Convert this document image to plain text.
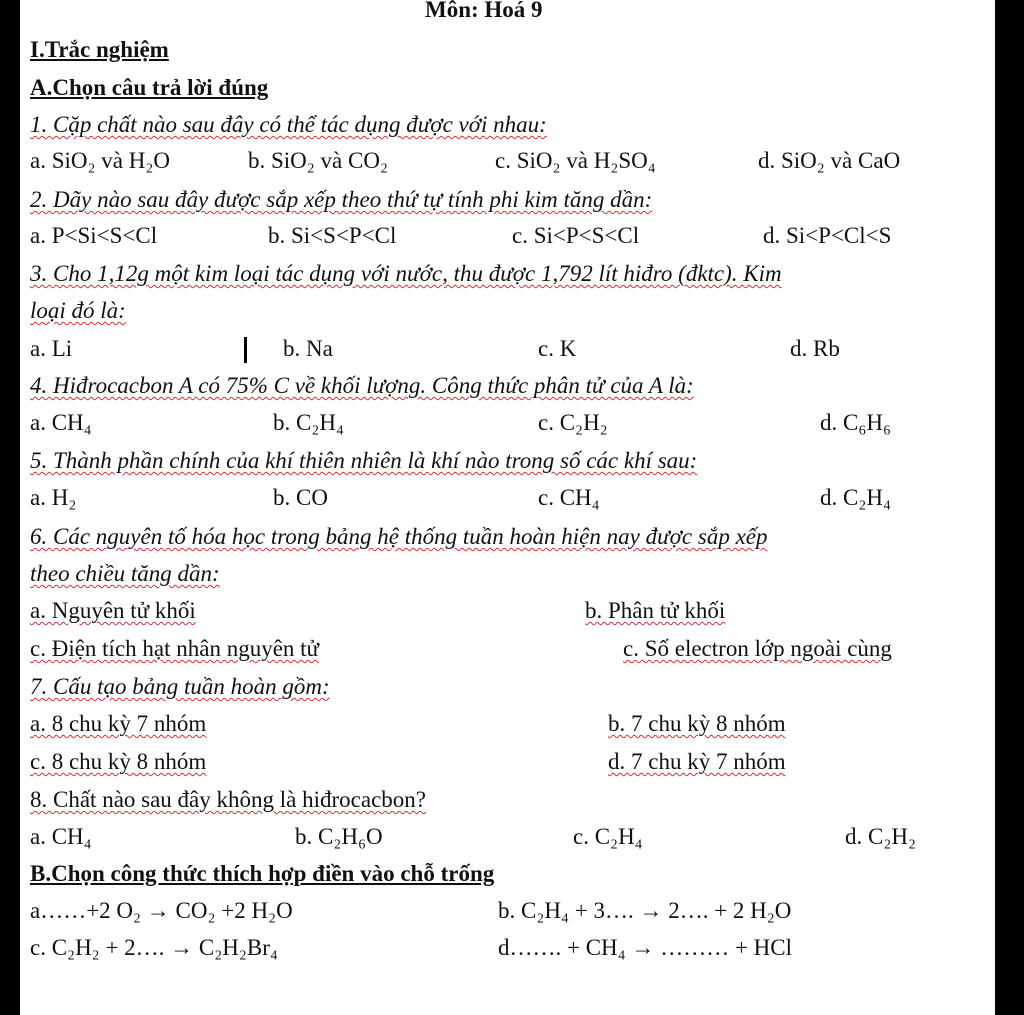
Môn: Hoá 9
I.Trắc nghiệm
A.Chọn câu trả lời đúng
1. Cặp chất nào sau đây có thể tác dụng được với nhau:
a. SiO₂ và H₂O	b. SiO₂ và CO₂	c. SiO₂ và H₂SO₄	d. SiO₂ và CaO
2. Dãy nào sau đây được sắp xếp theo thứ tự tính phi kim tăng dần:
a. P<Si<S<Cl	b. Si<S<P<Cl	c. Si<P<S<Cl	d. Si<P<Cl<S
3. Cho 1,12g một kim loại tác dụng với nước, thu được 1,792 lít hiđro (đktc). Kim
loại đó là:
a. Li	b. Na	c. K	d. Rb
4. Hiđrocacbon A có 75% C về khối lượng. Công thức phân tử của A là:
a. CH₄	b. C₂H₄	c. C₂H₂	d. C₆H₆
5. Thành phần chính của khí thiên nhiên là khí nào trong số các khí sau:
a. H₂	b. CO	c. CH₄	d. C₂H₄
6. Các nguyên tố hóa học trong bảng hệ thống tuần hoàn hiện nay được sắp xếp
theo chiều tăng dần:
a. Nguyên tử khối	b. Phân tử khối
c. Điện tích hạt nhân nguyên tử	c. Số electron lớp ngoài cùng
7. Cấu tạo bảng tuần hoàn gồm:
a. 8 chu kỳ 7 nhóm	b. 7 chu kỳ 8 nhóm
c. 8 chu kỳ 8 nhóm	d. 7 chu kỳ 7 nhóm
8. Chất nào sau đây không là hiđrocacbon?
a. CH₄	b. C₂H₆O	c. C₂H₄	d. C₂H₂
B.Chọn công thức thích hợp điền vào chỗ trống
a……+2 O₂ → CO₂ +2 H₂O	b. C₂H₄ + 3…. → 2…. + 2 H₂O
c. C₂H₂ + 2…. → C₂H₂Br₄	d……. + CH₄ → ……… + HCl
